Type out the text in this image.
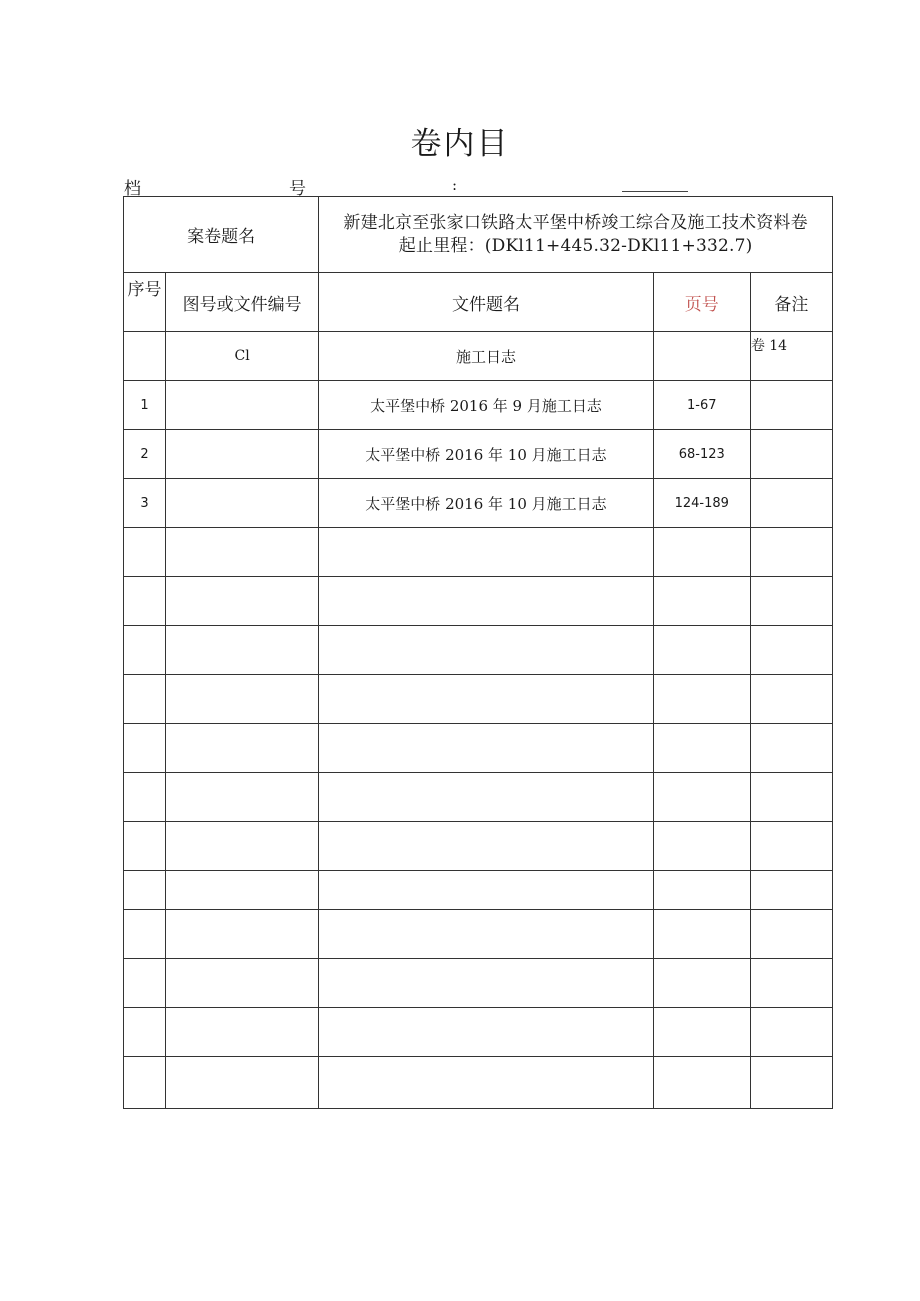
卷内目
档	号	:
案卷题名		新建北京至张家口铁路太平堡中桥竣工综合及施工技术资料卷
起止里程：(DKl11+445.32-DKl11+332.7)		

序号	图号或文件编号	文件题名	页号	备注
	Cl	施工日志		卷 14
1		太平堡中桥 2016 年 9 月施工日志	1-67	
2		太平堡中桥 2016 年 10 月施工日志	68-123	
3		太平堡中桥 2016 年 10 月施工日志	124-189	
